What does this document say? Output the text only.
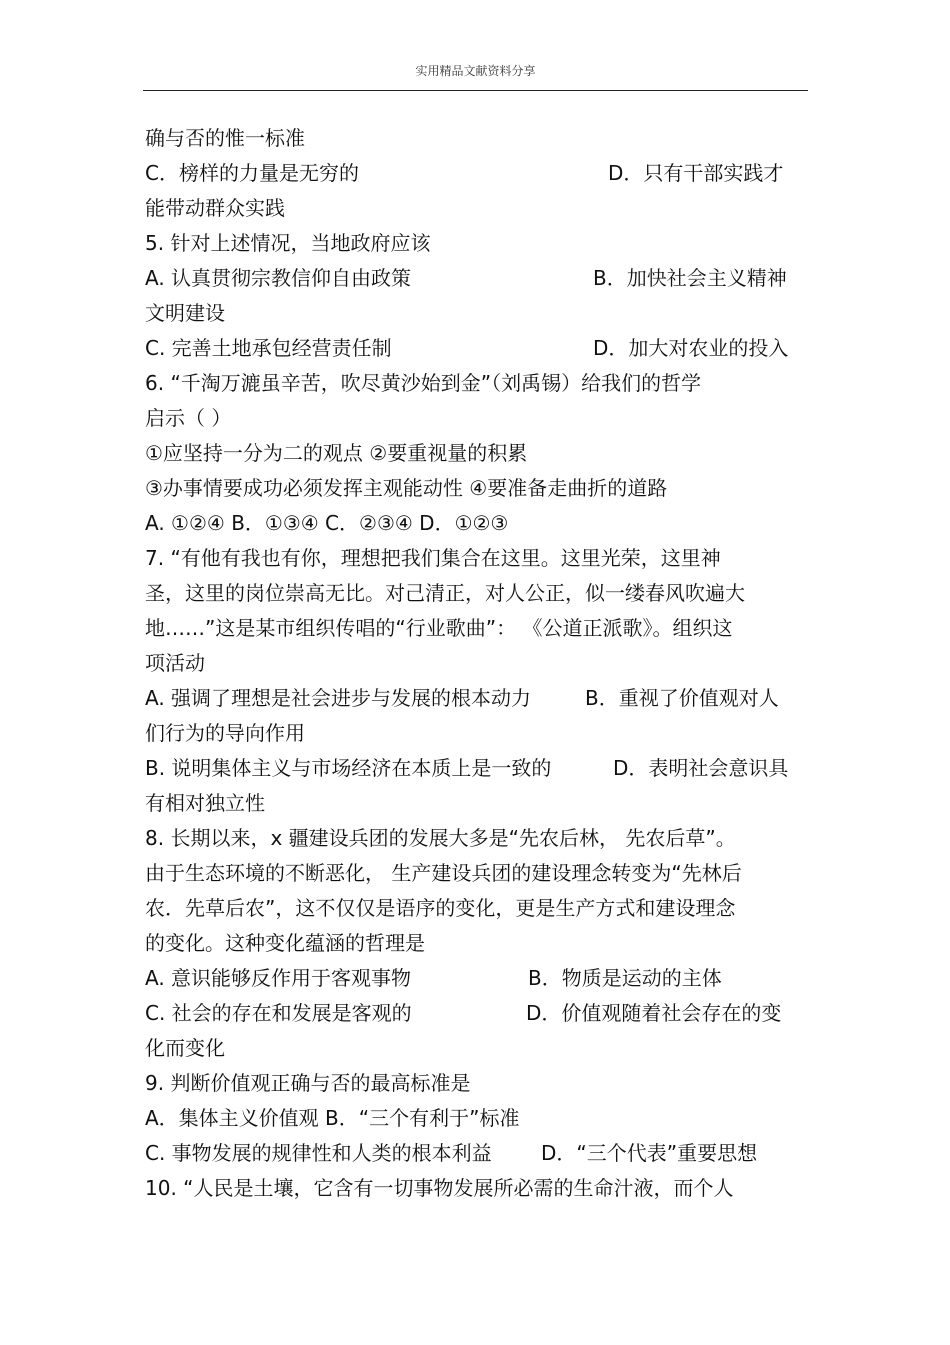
实用精品文献资料分享
确与否的惟一标准
C．榜样的力量是无穷的	D．只有干部实践才
能带动群众实践
5. 针对上述情况，当地政府应该
A. 认真贯彻宗教信仰自由政策	B．加快社会主义精神
文明建设
C. 完善土地承包经营责任制	D．加大对农业的投入
6. “千淘万漉虽辛苦，吹尽黄沙始到金”（刘禹锡）给我们的哲学
启示（ ）
①应坚持一分为二的观点 ②要重视量的积累
③办事情要成功必须发挥主观能动性 ④要准备走曲折的道路
A. ①②④ B．①③④ C．②③④ D．①②③
7. “有他有我也有你，理想把我们集合在这里。这里光荣，这里神
圣，这里的岗位崇高无比。对己清正，对人公正，似一缕春风吹遍大
地……”这是某市组织传唱的“行业歌曲”： 《公道正派歌》。组织这
项活动
A. 强调了理想是社会进步与发展的根本动力	B．重视了价值观对人
们行为的导向作用
B. 说明集体主义与市场经济在本质上是一致的	D．表明社会意识具
有相对独立性
8. 长期以来，x 疆建设兵团的发展大多是“先农后林， 先农后草”。
由于生态环境的不断恶化， 生产建设兵团的建设理念转变为“先林后
农．先草后农”，这不仅仅是语序的变化，更是生产方式和建设理念
的变化。这种变化蕴涵的哲理是
A. 意识能够反作用于客观事物	B．物质是运动的主体
C. 社会的存在和发展是客观的	D．价值观随着社会存在的变
化而变化
9. 判断价值观正确与否的最高标准是
A．集体主义价值观 B．“三个有利于”标准
C. 事物发展的规律性和人类的根本利益 D．“三个代表”重要思想
10. “人民是土壤，它含有一切事物发展所必需的生命汁液，而个人
